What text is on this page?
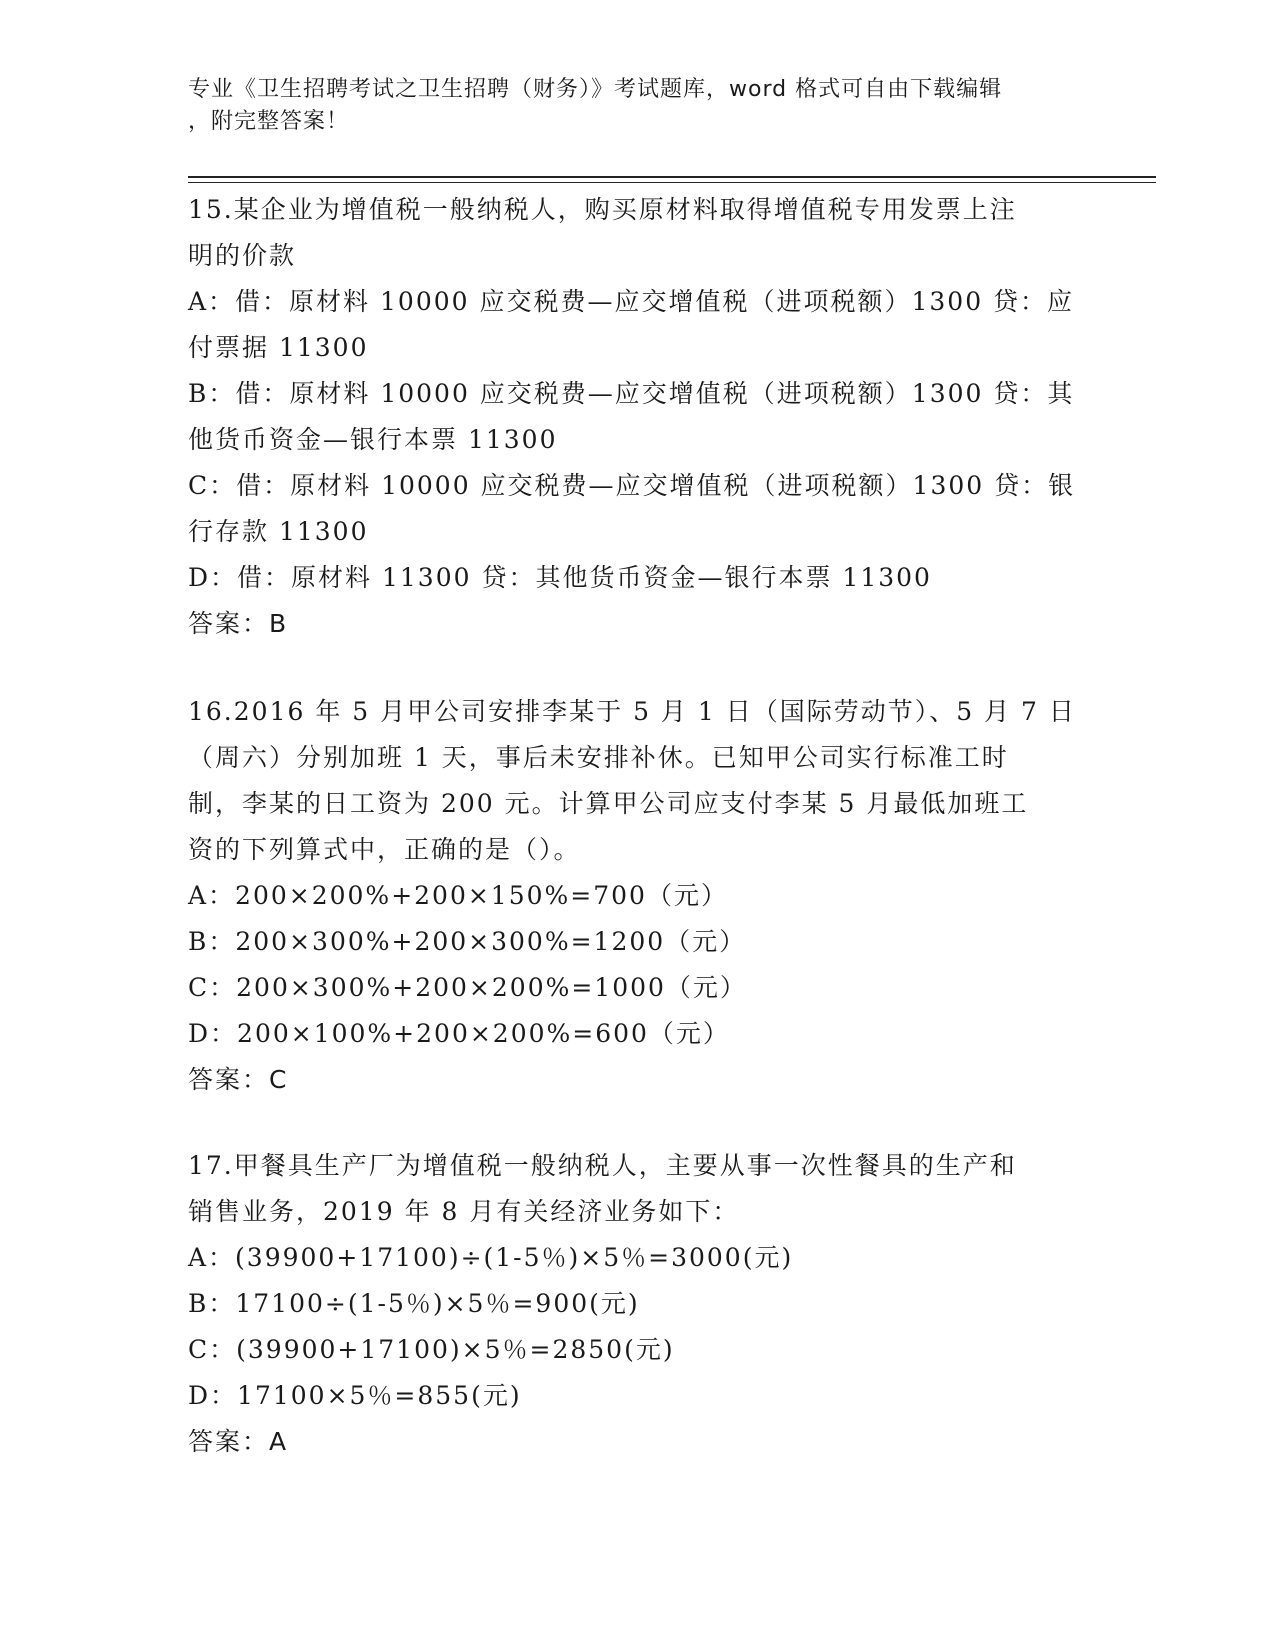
专业《卫生招聘考试之卫生招聘（财务）》考试题库，word 格式可自由下载编辑
，附完整答案！
15.某企业为增值税一般纳税人，购买原材料取得增值税专用发票上注
明的价款
A：借：原材料 10000 应交税费—应交增值税（进项税额）1300 贷：应
付票据 11300
B：借：原材料 10000 应交税费—应交增值税（进项税额）1300 贷：其
他货币资金—银行本票 11300
C：借：原材料 10000 应交税费—应交增值税（进项税额）1300 贷：银
行存款 11300
D：借：原材料 11300 贷：其他货币资金—银行本票 11300
答案：B
16.2016 年 5 月甲公司安排李某于 5 月 1 日（国际劳动节）、5 月 7 日
（周六）分别加班 1 天，事后未安排补休。已知甲公司实行标准工时
制，李某的日工资为 200 元。计算甲公司应支付李某 5 月最低加班工
资的下列算式中，正确的是（）。
A：200×200%+200×150%=700（元）
B：200×300%+200×300%=1200（元）
C：200×300%+200×200%=1000（元）
D：200×100%+200×200%=600（元）
答案：C
17.甲餐具生产厂为增值税一般纳税人，主要从事一次性餐具的生产和
销售业务，2019 年 8 月有关经济业务如下：
A：(39900+17100)÷(1-5％)×5％=3000(元)
B：17100÷(1-5％)×5％=900(元)
C：(39900+17100)×5％=2850(元)
D：17100×5％=855(元)
答案：A
